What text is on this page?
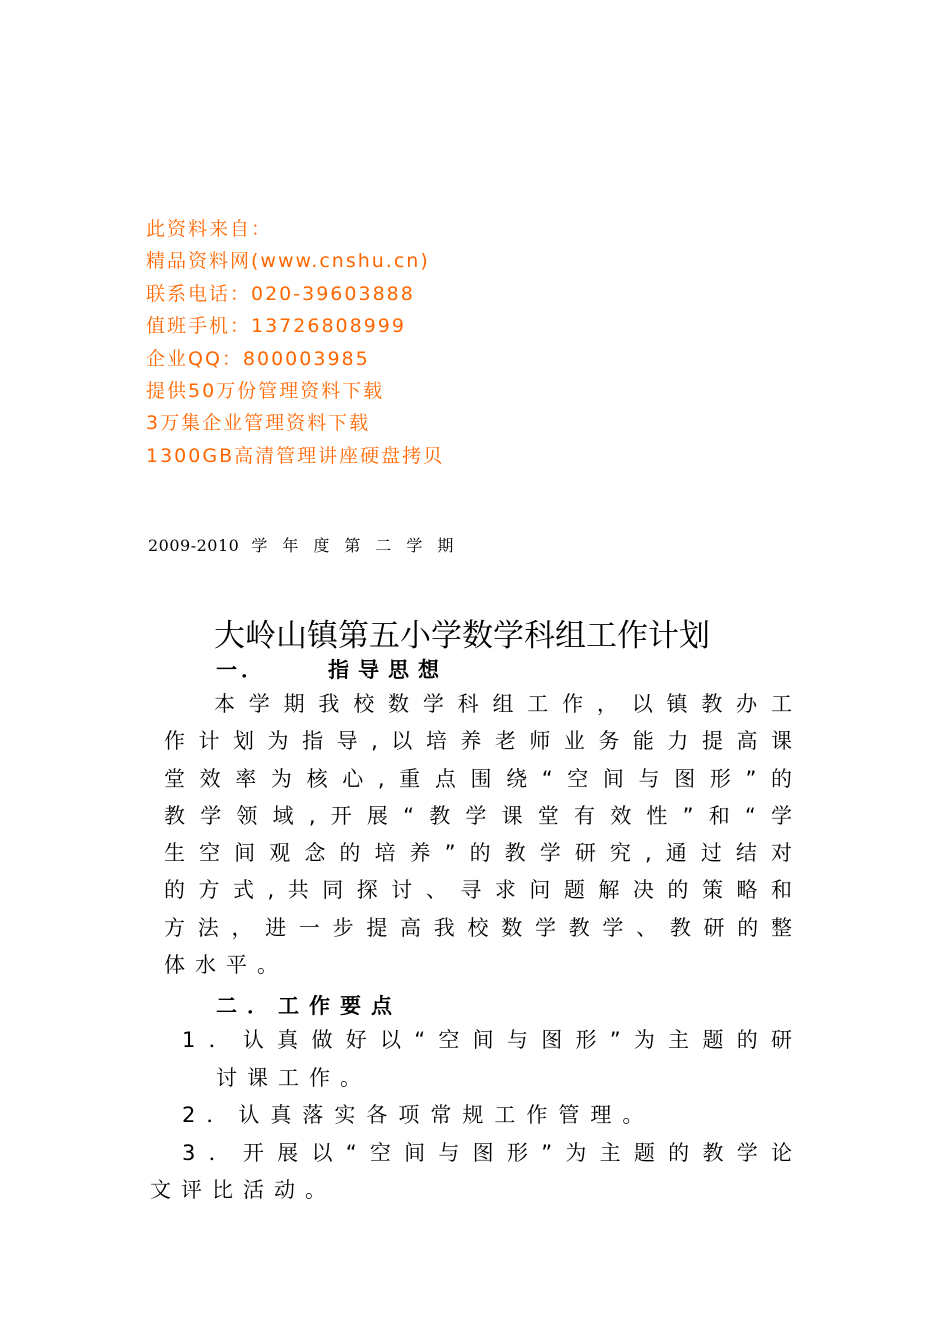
此资料来自：
精品资料网(www.cnshu.cn)
联系电话：020-39603888
值班手机：13726808999
企业QQ：800003985
提供50万份管理资料下载
3万集企业管理资料下载
1300GB高清管理讲座硬盘拷贝
2009-2010 学年度第二学期
大岭山镇第五小学数学科组工作计划
一．	指导思想
本学期我校数学科组工作，以镇教办工
作计划为指导,以培养老师业务能力提高课
堂效率为核心,重点围绕“空间与图形”的
教学领域,开展“教学课堂有效性”和“学
生空间观念的培养”的教学研究,通过结对
的方式,共同探讨、寻求问题解决的策略和
方法，进一步提高我校数学教学、教研的整
体水平。
二．工作要点
1．认真做好以“空间与图形”为主题的研
讨课工作。
2．认真落实各项常规工作管理。
3．开展以“空间与图形”为主题的教学论
文评比活动。
